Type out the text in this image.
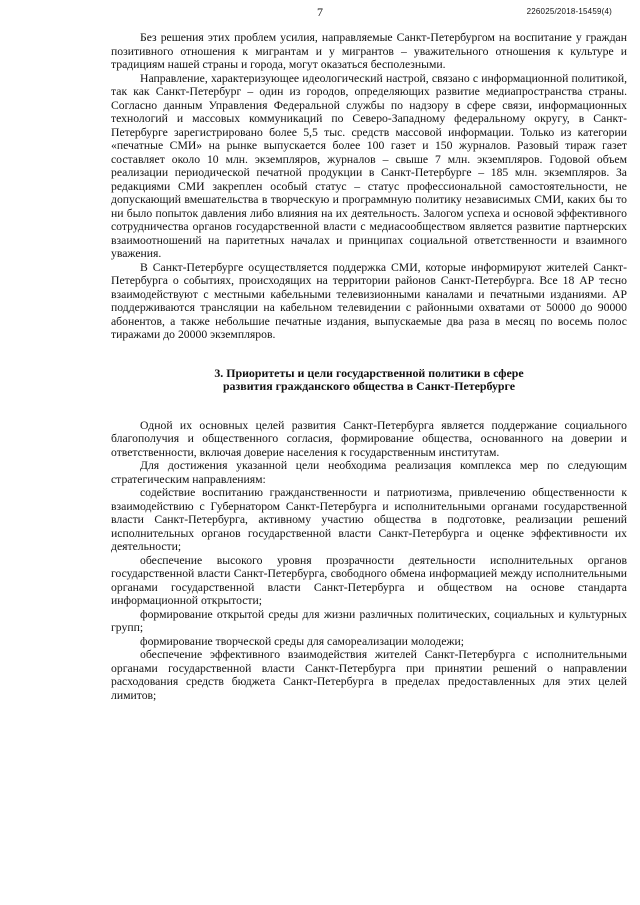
7	226025/2018-15459(4)

Без решения этих проблем усилия, направляемые Санкт-Петербургом на воспитание у граждан позитивного отношения к мигрантам и у мигрантов – уважительного отношения к культуре и традициям нашей страны и города, могут оказаться бесполезными.

Направление, характеризующее идеологический настрой, связано с информационной политикой, так как Санкт-Петербург – один из городов, определяющих развитие медиапространства страны. Согласно данным Управления Федеральной службы по надзору в сфере связи, информационных технологий и массовых коммуникаций по Северо-Западному федеральному округу, в Санкт-Петербурге зарегистрировано более 5,5 тыс. средств массовой информации. Только из категории «печатные СМИ» на рынке выпускается более 100 газет и 150 журналов. Разовый тираж газет составляет около 10 млн. экземпляров, журналов – свыше 7 млн. экземпляров. Годовой объем реализации периодической печатной продукции в Санкт-Петербурге – 185 млн. экземпляров. За редакциями СМИ закреплен особый статус – статус профессиональной самостоятельности, не допускающий вмешательства в творческую и программную политику независимых СМИ, каких бы то ни было попыток давления либо влияния на их деятельность. Залогом успеха и основой эффективного сотрудничества органов государственной власти с медиасообществом является развитие партнерских взаимоотношений на паритетных началах и принципах социальной ответственности и взаимного уважения.

В Санкт-Петербурге осуществляется поддержка СМИ, которые информируют жителей Санкт-Петербурга о событиях, происходящих на территории районов Санкт-Петербурга. Все 18 АР тесно взаимодействуют с местными кабельными телевизионными каналами и печатными изданиями. АР поддерживаются трансляции на кабельном телевидении с районными охватами от 50000 до 90000 абонентов, а также небольшие печатные издания, выпускаемые два раза в месяц по восемь полос тиражами до 20000 экземпляров.

3. Приоритеты и цели государственной политики в сфере
развития гражданского общества в Санкт-Петербурге

Одной их основных целей развития Санкт-Петербурга является поддержание социального благополучия и общественного согласия, формирование общества, основанного на доверии и ответственности, включая доверие населения к государственным институтам.

Для достижения указанной цели необходима реализация комплекса мер по следующим стратегическим направлениям:

содействие воспитанию гражданственности и патриотизма, привлечению общественности к взаимодействию с Губернатором Санкт-Петербурга и исполнительными органами государственной власти Санкт-Петербурга, активному участию общества в подготовке, реализации решений исполнительных органов государственной власти Санкт-Петербурга и оценке эффективности их деятельности;

обеспечение высокого уровня прозрачности деятельности исполнительных органов государственной власти Санкт-Петербурга, свободного обмена информацией между исполнительными органами государственной власти Санкт-Петербурга и обществом на основе стандарта информационной открытости;

формирование открытой среды для жизни различных политических, социальных и культурных групп;

формирование творческой среды для самореализации молодежи;

обеспечение эффективного взаимодействия жителей Санкт-Петербурга с исполнительными органами государственной власти Санкт-Петербурга при принятии решений о направлении расходования средств бюджета Санкт-Петербурга в пределах предоставленных для этих целей лимитов;
